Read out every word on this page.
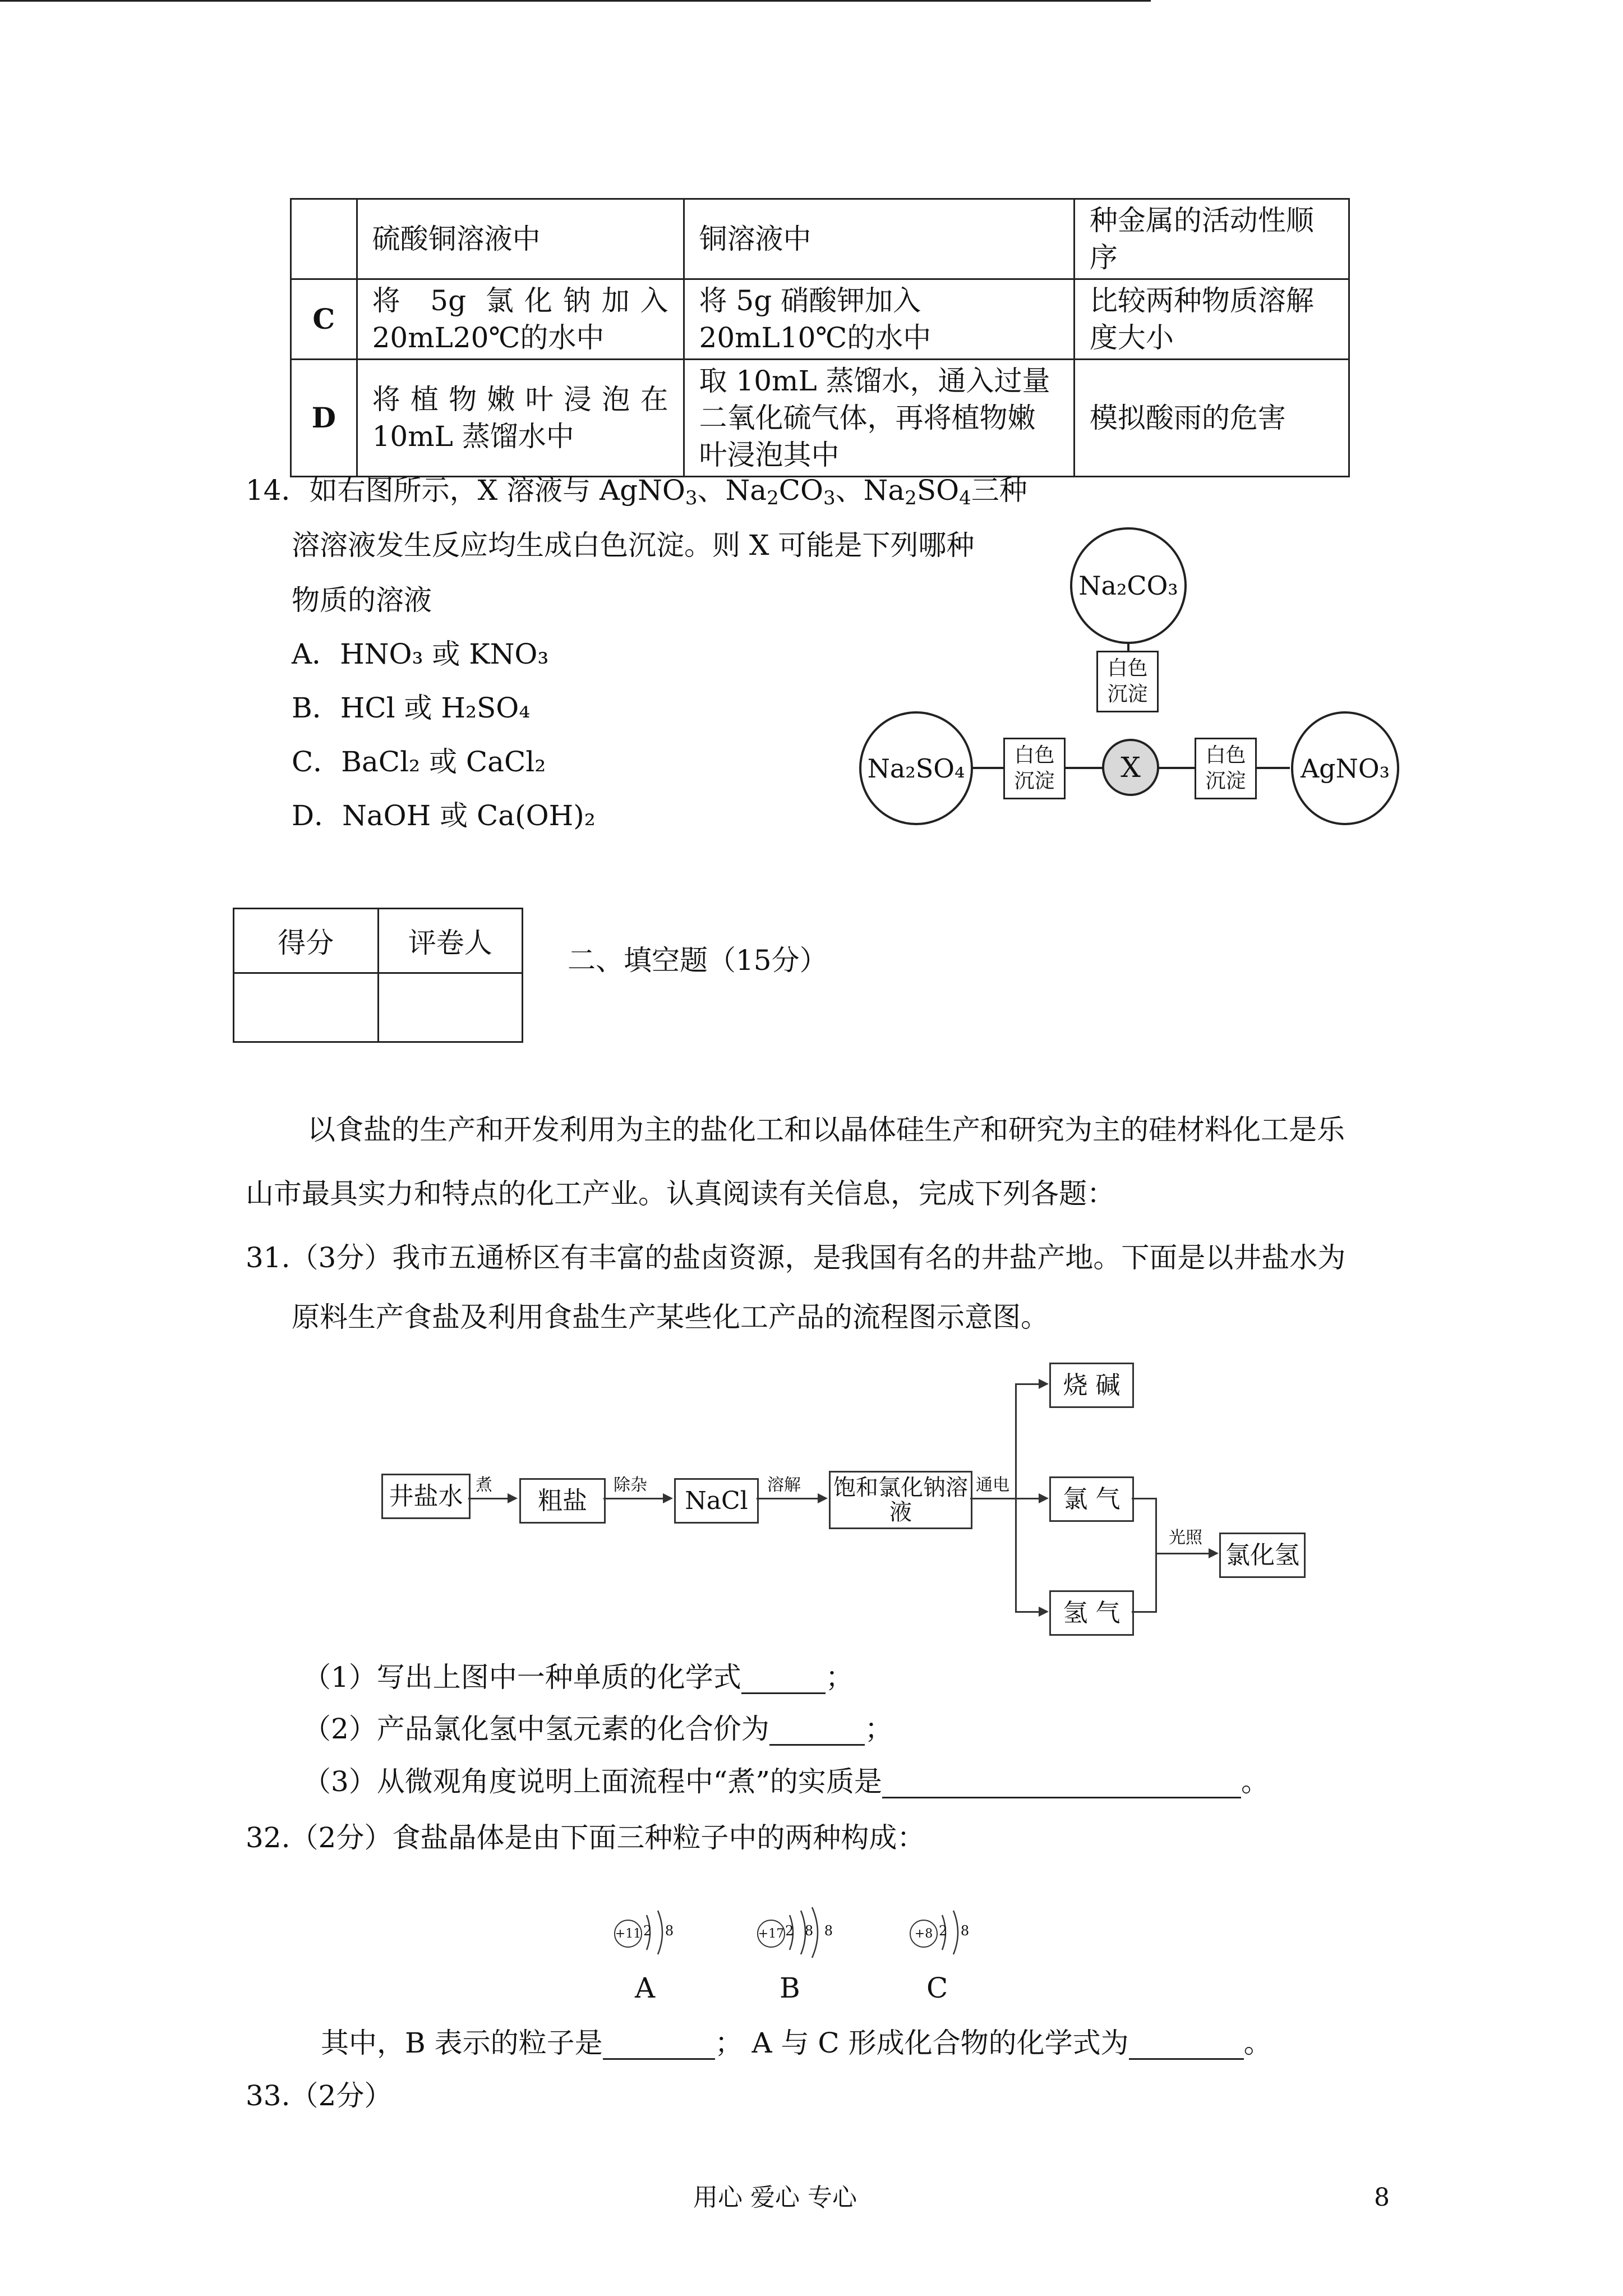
	硫酸铜溶液中	铜溶液中	种金属的活动性顺序
C	将 5g 氯化钠加入 20mL20℃的水中	将 5g 硝酸钾加入 20mL10℃的水中	比较两种物质溶解度大小
D	将植物嫩叶浸泡在 10mL 蒸馏水中	取 10mL 蒸馏水，通入过量二氧化硫气体，再将植物嫩叶浸泡其中	模拟酸雨的危害
14．如右图所示，X 溶液与 AgNO$_3$、$Na_2CO_3$、$Na_2SO_4$三种
溶溶液发生反应均生成白色沉淀。则 X 可能是下列哪种
物质的溶液
A．HNO₃ 或 KNO₃
B．HCl 或 H₂SO₄
C．BaCl₂ 或 CaCl₂
D．NaOH 或 Ca(OH)₂
Na₂CO₃
Na₂SO₄	AgNO₃
X
白色
沉淀
白色
沉淀
白色
沉淀
得分	评卷人

二、填空题（15分）
以食盐的生产和开发利用为主的盐化工和以晶体硅生产和研究为主的硅材料化工是乐
山市最具实力和特点的化工产业。认真阅读有关信息，完成下列各题：
31.（3分）我市五通桥区有丰富的盐卤资源，是我国有名的井盐产地。下面是以井盐水为
原料生产食盐及利用食盐生产某些化工产品的流程图示意图。
井盐水	粗盐	NaCl	饱和氯化钠溶液
烧 碱
氯 气
氢 气
氯化氢
煮	除杂	溶解	通电
光照
（1）写出上图中一种单质的化学式	；
（2）产品氯化氢中氢元素的化合价为	；
（3）从微观角度说明上面流程中“煮”的实质是	。
32.（2分）食盐晶体是由下面三种粒子中的两种构成：
+11 2 8
A
+17 2 8 8
B
+8 2 8
C
其中，B 表示的粒子是	； A 与 C 形成化合物的化学式为	。
33.（2分）
用心 爱心 专心	8
